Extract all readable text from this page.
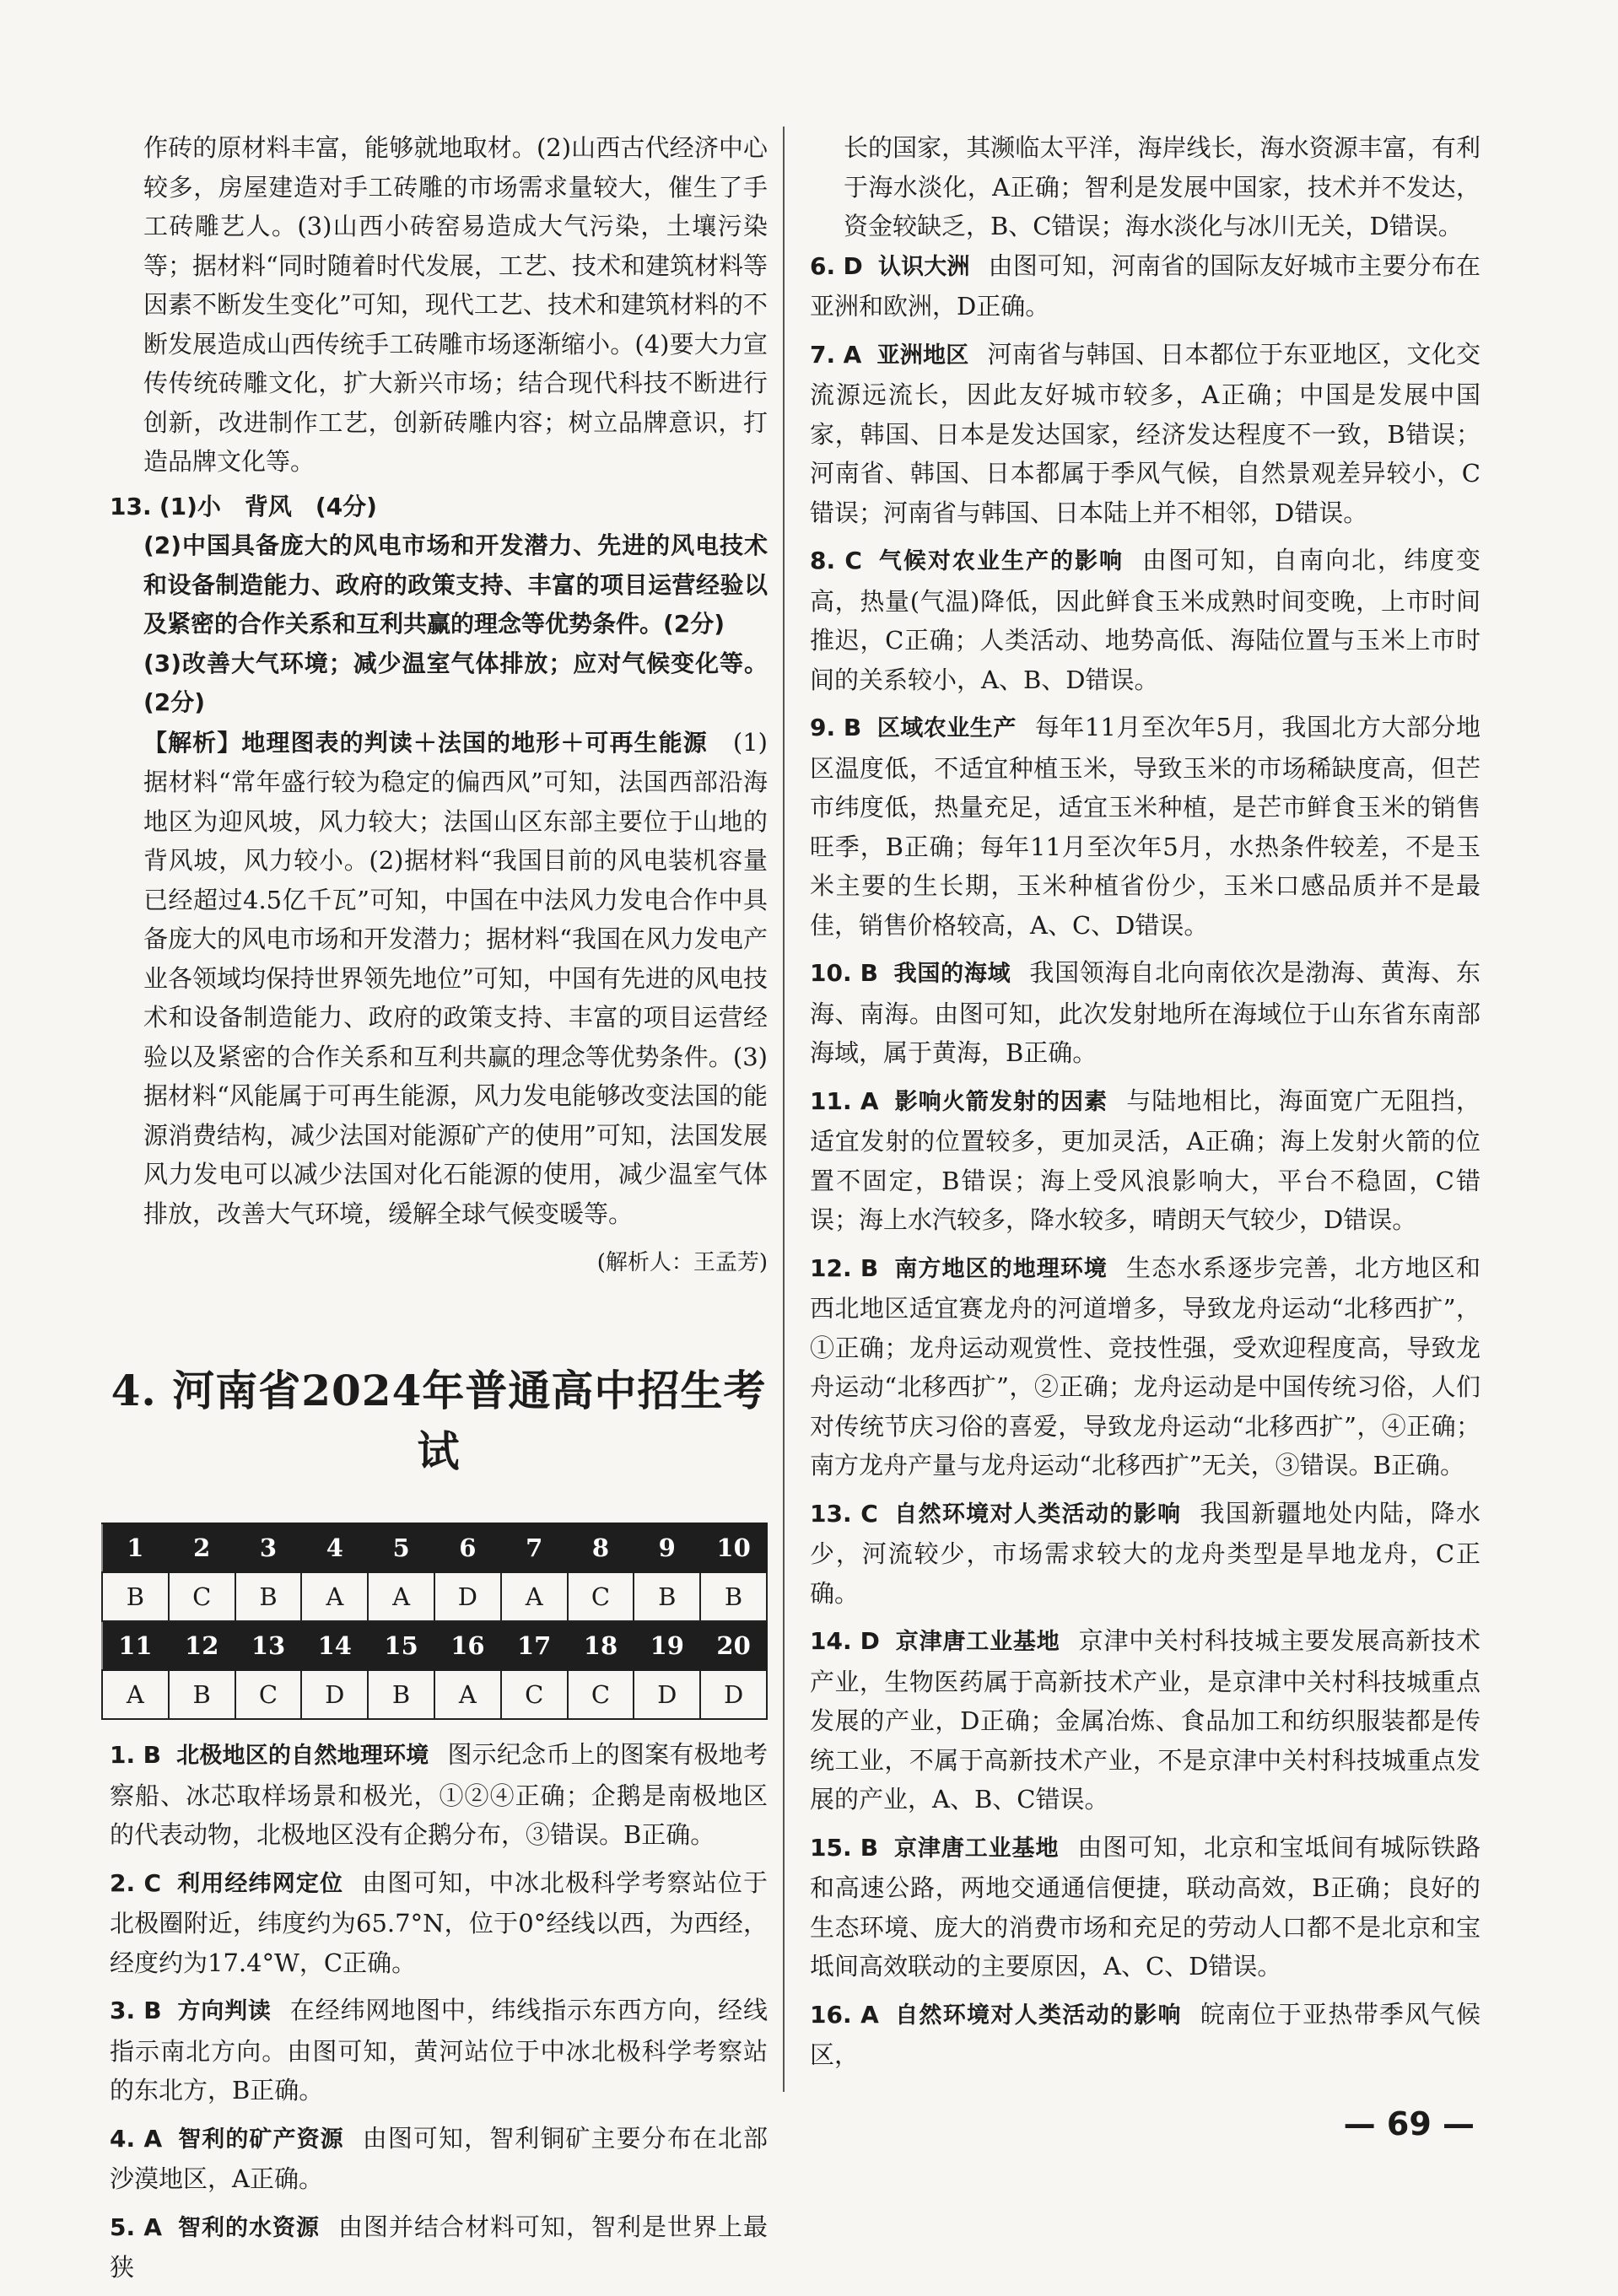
作砖的原材料丰富，能够就地取材。(2)山西古代经济中心较多，房屋建造对手工砖雕的市场需求量较大，催生了手工砖雕艺人。(3)山西小砖窑易造成大气污染，土壤污染等；据材料“同时随着时代发展，工艺、技术和建筑材料等因素不断发生变化”可知，现代工艺、技术和建筑材料的不断发展造成山西传统手工砖雕市场逐渐缩小。(4)要大力宣传传统砖雕文化，扩大新兴市场；结合现代科技不断进行创新，改进制作工艺，创新砖雕内容；树立品牌意识，打造品牌文化等。

13. (1)小　背风　(4分)

(2)中国具备庞大的风电市场和开发潜力、先进的风电技术和设备制造能力、政府的政策支持、丰富的项目运营经验以及紧密的合作关系和互利共赢的理念等优势条件。(2分)

(3)改善大气环境；减少温室气体排放；应对气候变化等。(2分)

【解析】地理图表的判读＋法国的地形＋可再生能源　 (1)据材料“常年盛行较为稳定的偏西风”可知，法国西部沿海地区为迎风坡，风力较大；法国山区东部主要位于山地的背风坡，风力较小。(2)据材料“我国目前的风电装机容量已经超过4.5亿千瓦”可知，中国在中法风力发电合作中具备庞大的风电市场和开发潜力；据材料“我国在风力发电产业各领域均保持世界领先地位”可知，中国有先进的风电技术和设备制造能力、政府的政策支持、丰富的项目运营经验以及紧密的合作关系和互利共赢的理念等优势条件。(3)据材料“风能属于可再生能源，风力发电能够改变法国的能源消费结构，减少法国对能源矿产的使用”可知，法国发展风力发电可以减少法国对化石能源的使用，减少温室气体排放，改善大气环境，缓解全球气候变暖等。

(解析人：王孟芳)

4. 河南省2024年普通高中招生考试
1	2	3	4	5	6	7	8	9	10
B	C	B	A	A	D	A	C	B	B
11	12	13	14	15	16	17	18	19	20
A	B	C	D	B	A	C	C	D	D

1. B 北极地区的自然地理环境 图示纪念币上的图案有极地考察船、冰芯取样场景和极光，①②④正确；企鹅是南极地区的代表动物，北极地区没有企鹅分布，③错误。B正确。

2. C 利用经纬网定位 由图可知，中冰北极科学考察站位于北极圈附近，纬度约为65.7°N，位于0°经线以西，为西经，经度约为17.4°W，C正确。

3. B 方向判读 在经纬网地图中，纬线指示东西方向，经线指示南北方向。由图可知，黄河站位于中冰北极科学考察站的东北方，B正确。

4. A 智利的矿产资源 由图可知，智利铜矿主要分布在北部沙漠地区，A正确。

5. A 智利的水资源 由图并结合材料可知，智利是世界上最狭

长的国家，其濒临太平洋，海岸线长，海水资源丰富，有利于海水淡化，A正确；智利是发展中国家，技术并不发达，资金较缺乏，B、C错误；海水淡化与冰川无关，D错误。

6. D 认识大洲 由图可知，河南省的国际友好城市主要分布在亚洲和欧洲，D正确。

7. A 亚洲地区 河南省与韩国、日本都位于东亚地区，文化交流源远流长，因此友好城市较多，A正确；中国是发展中国家，韩国、日本是发达国家，经济发达程度不一致，B错误；河南省、韩国、日本都属于季风气候，自然景观差异较小，C错误；河南省与韩国、日本陆上并不相邻，D错误。

8. C 气候对农业生产的影响 由图可知，自南向北，纬度变高，热量(气温)降低，因此鲜食玉米成熟时间变晚，上市时间推迟，C正确；人类活动、地势高低、海陆位置与玉米上市时间的关系较小，A、B、D错误。

9. B 区域农业生产 每年11月至次年5月，我国北方大部分地区温度低，不适宜种植玉米，导致玉米的市场稀缺度高，但芒市纬度低，热量充足，适宜玉米种植，是芒市鲜食玉米的销售旺季，B正确；每年11月至次年5月，水热条件较差，不是玉米主要的生长期，玉米种植省份少，玉米口感品质并不是最佳，销售价格较高，A、C、D错误。

10. B 我国的海域 我国领海自北向南依次是渤海、黄海、东海、南海。由图可知，此次发射地所在海域位于山东省东南部海域，属于黄海，B正确。

11. A 影响火箭发射的因素 与陆地相比，海面宽广无阻挡，适宜发射的位置较多，更加灵活，A正确；海上发射火箭的位置不固定，B错误；海上受风浪影响大，平台不稳固，C错误；海上水汽较多，降水较多，晴朗天气较少，D错误。

12. B 南方地区的地理环境 生态水系逐步完善，北方地区和西北地区适宜赛龙舟的河道增多，导致龙舟运动“北移西扩”，①正确；龙舟运动观赏性、竞技性强，受欢迎程度高，导致龙舟运动“北移西扩”，②正确；龙舟运动是中国传统习俗，人们对传统节庆习俗的喜爱，导致龙舟运动“北移西扩”，④正确；南方龙舟产量与龙舟运动“北移西扩”无关，③错误。B正确。

13. C 自然环境对人类活动的影响 我国新疆地处内陆，降水少，河流较少，市场需求较大的龙舟类型是旱地龙舟，C正确。

14. D 京津唐工业基地 京津中关村科技城主要发展高新技术产业，生物医药属于高新技术产业，是京津中关村科技城重点发展的产业，D正确；金属冶炼、食品加工和纺织服装都是传统工业，不属于高新技术产业，不是京津中关村科技城重点发展的产业，A、B、C错误。

15. B 京津唐工业基地 由图可知，北京和宝坻间有城际铁路和高速公路，两地交通通信便捷，联动高效，B正确；良好的生态环境、庞大的消费市场和充足的劳动人口都不是北京和宝坻间高效联动的主要原因，A、C、D错误。

16. A 自然环境对人类活动的影响 皖南位于亚热带季风气候区，

— 69 —
